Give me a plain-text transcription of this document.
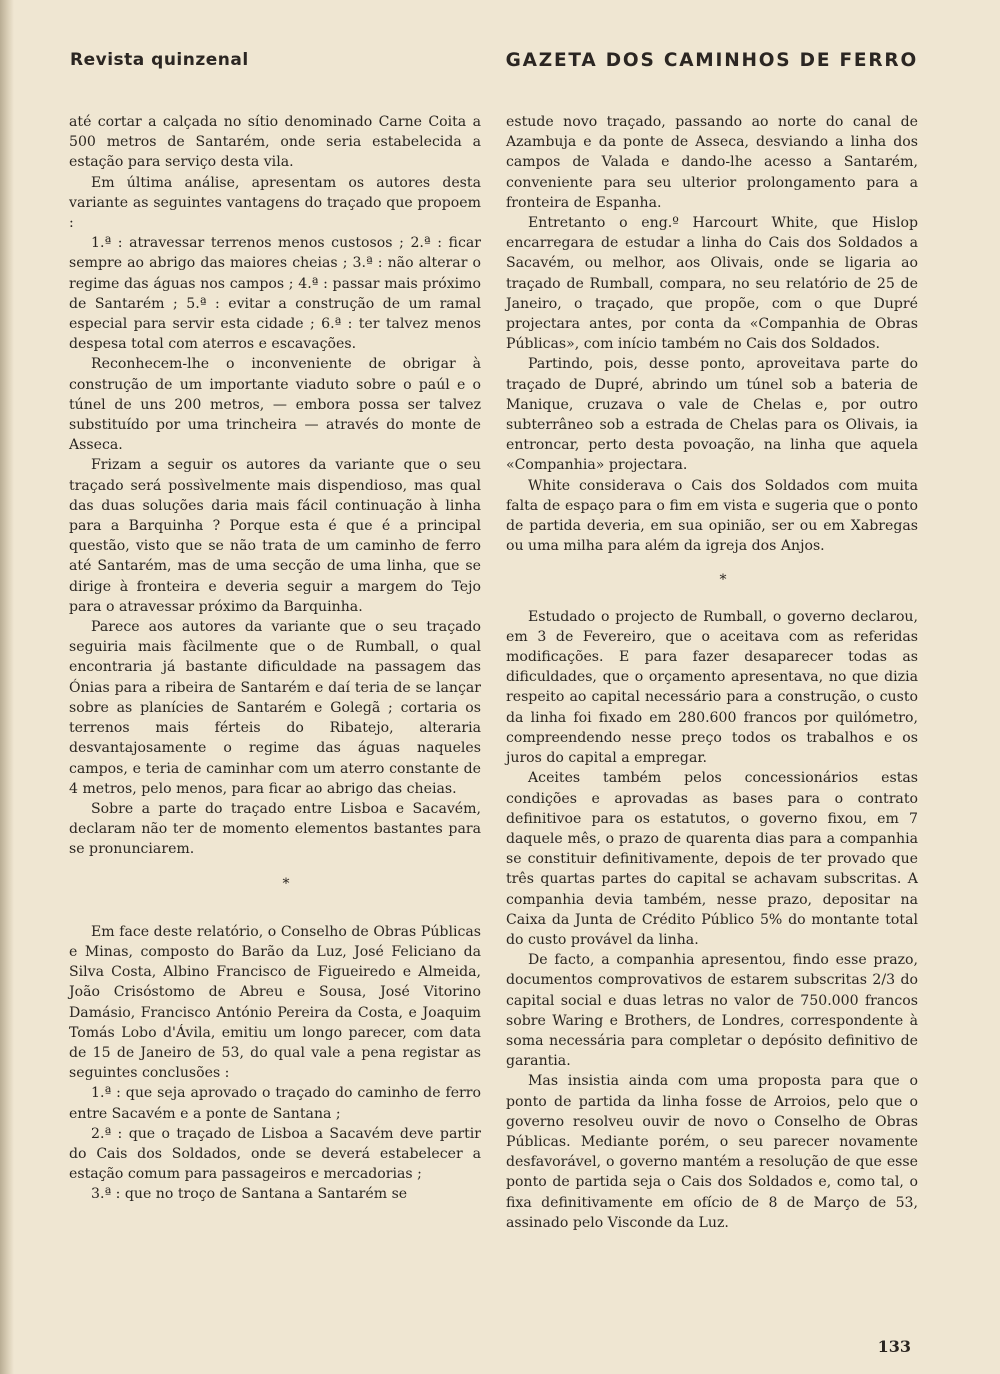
Revista quinzenal	GAZETA DOS CAMINHOS DE FERRO

até cortar a calçada no sítio denominado Carne Coita a 500 metros de Santarém, onde seria estabelecida a estação para serviço desta vila.

Em última análise, apresentam os autores desta variante as seguintes vantagens do traçado que propoem :

1.ª : atravessar terrenos menos custosos ; 2.ª : ficar sempre ao abrigo das maiores cheias ; 3.ª : não alterar o regime das águas nos campos ; 4.ª : passar mais próximo de Santarém ; 5.ª : evitar a construção de um ramal especial para servir esta cidade ; 6.ª : ter talvez menos despesa total com aterros e escavações.

Reconhecem-lhe o inconveniente de obrigar à construção de um importante viaduto sobre o paúl e o túnel de uns 200 metros, — embora possa ser talvez substituído por uma trincheira — através do monte de Asseca.

Frizam a seguir os autores da variante que o seu traçado será possìvelmente mais dispendioso, mas qual das duas soluções daria mais fácil continuação à linha para a Barquinha ? Porque esta é que é a principal questão, visto que se não trata de um caminho de ferro até Santarém, mas de uma secção de uma linha, que se dirige à fronteira e deveria seguir a margem do Tejo para o atravessar próximo da Barquinha.

Parece aos autores da variante que o seu traçado seguiria mais fàcilmente que o de Rumball, o qual encontraria já bastante dificuldade na passagem das Ónias para a ribeira de Santarém e daí teria de se lançar sobre as planícies de Santarém e Golegã ; cortaria os terrenos mais férteis do Ribatejo, alteraria desvantajosamente o regime das águas naqueles campos, e teria de caminhar com um aterro constante de 4 metros, pelo menos, para ficar ao abrigo das cheias.

Sobre a parte do traçado entre Lisboa e Sacavém, declaram não ter de momento elementos bastantes para se pronunciarem.

*

Em face deste relatório, o Conselho de Obras Públicas e Minas, composto do Barão da Luz, José Feliciano da Silva Costa, Albino Francisco de Figueiredo e Almeida, João Crisóstomo de Abreu e Sousa, José Vitorino Damásio, Francisco António Pereira da Costa, e Joaquim Tomás Lobo d'Ávila, emitiu um longo parecer, com data de 15 de Janeiro de 53, do qual vale a pena registar as seguintes conclusões :

1.ª : que seja aprovado o traçado do caminho de ferro entre Sacavém e a ponte de Santana ;

2.ª : que o traçado de Lisboa a Sacavém deve partir do Cais dos Soldados, onde se deverá estabelecer a estação comum para passageiros e mercadorias ;

3.ª : que no troço de Santana a Santarém se

estude novo traçado, passando ao norte do canal de Azambuja e da ponte de Asseca, desviando a linha dos campos de Valada e dando-lhe acesso a Santarém, conveniente para seu ulterior prolongamento para a fronteira de Espanha.

Entretanto o eng.º Harcourt White, que Hislop encarregara de estudar a linha do Cais dos Soldados a Sacavém, ou melhor, aos Olivais, onde se ligaria ao traçado de Rumball, compara, no seu relatório de 25 de Janeiro, o traçado, que propõe, com o que Dupré projectara antes, por conta da «Companhia de Obras Públicas», com início também no Cais dos Soldados.

Partindo, pois, desse ponto, aproveitava parte do traçado de Dupré, abrindo um túnel sob a bateria de Manique, cruzava o vale de Chelas e, por outro subterrâneo sob a estrada de Chelas para os Olivais, ia entroncar, perto desta povoação, na linha que aquela «Companhia» projectara.

White considerava o Cais dos Soldados com muita falta de espaço para o fim em vista e sugeria que o ponto de partida deveria, em sua opinião, ser ou em Xabregas ou uma milha para além da igreja dos Anjos.

*

Estudado o projecto de Rumball, o governo declarou, em 3 de Fevereiro, que o aceitava com as referidas modificações. E para fazer desaparecer todas as dificuldades, que o orçamento apresentava, no que dizia respeito ao capital necessário para a construção, o custo da linha foi fixado em 280.600 francos por quilómetro, compreendendo nesse preço todos os trabalhos e os juros do capital a empregar.

Aceites também pelos concessionários estas condições e aprovadas as bases para o contrato definitivoe para os estatutos, o governo fixou, em 7 daquele mês, o prazo de quarenta dias para a companhia se constituir definitivamente, depois de ter provado que três quartas partes do capital se achavam subscritas. A companhia devia também, nesse prazo, depositar na Caixa da Junta de Crédito Público 5% do montante total do custo provável da linha.

De facto, a companhia apresentou, findo esse prazo, documentos comprovativos de estarem subscritas 2/3 do capital social e duas letras no valor de 750.000 francos sobre Waring e Brothers, de Londres, correspondente à soma necessária para completar o depósito definitivo de garantia.

Mas insistia ainda com uma proposta para que o ponto de partida da linha fosse de Arroios, pelo que o governo resolveu ouvir de novo o Conselho de Obras Públicas. Mediante porém, o seu parecer novamente desfavorável, o governo mantém a resolução de que esse ponto de partida seja o Cais dos Soldados e, como tal, o fixa definitivamente em ofício de 8 de Março de 53, assinado pelo Visconde da Luz.

133
